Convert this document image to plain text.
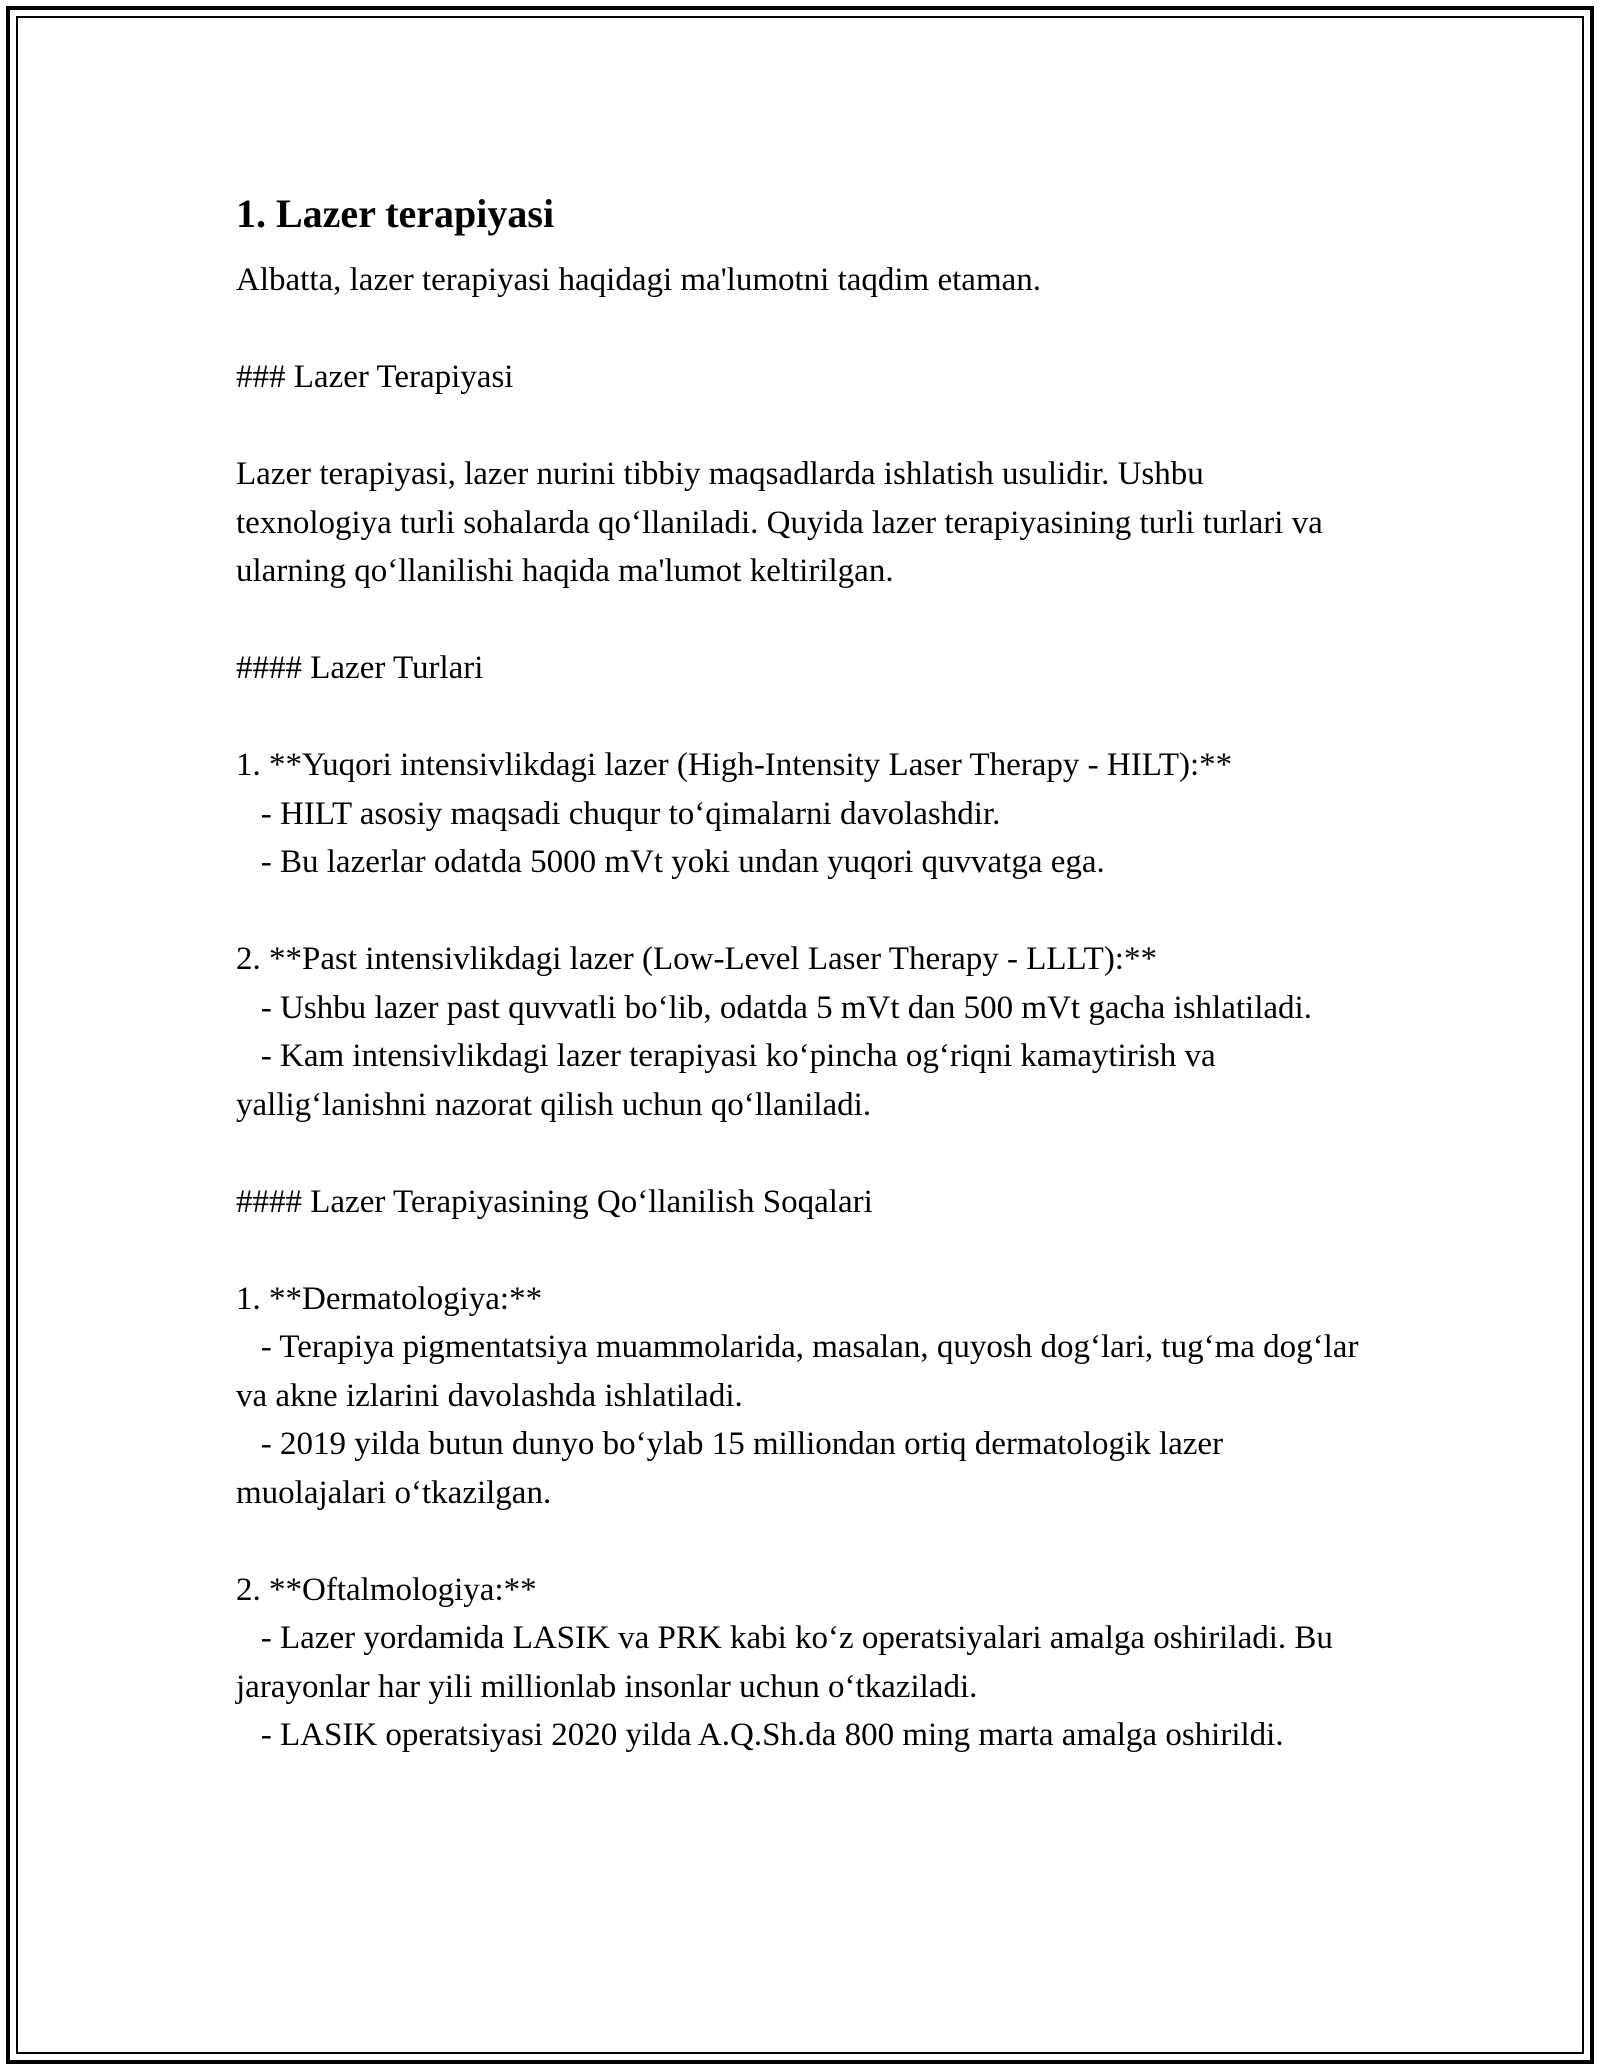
1. Lazer terapiyasi

Albatta, lazer terapiyasi haqidagi ma'lumotni taqdim etaman.

### Lazer Terapiyasi

Lazer terapiyasi, lazer nurini tibbiy maqsadlarda ishlatish usulidir. Ushbu texnologiya turli sohalarda qo‘llaniladi. Quyida lazer terapiyasining turli turlari va ularning qo‘llanilishi haqida ma'lumot keltirilgan.

#### Lazer Turlari

1. **Yuqori intensivlikdagi lazer (High-Intensity Laser Therapy - HILT):**

- HILT asosiy maqsadi chuqur to‘qimalarni davolashdir.

- Bu lazerlar odatda 5000 mVt yoki undan yuqori quvvatga ega.

2. **Past intensivlikdagi lazer (Low-Level Laser Therapy - LLLT):**

- Ushbu lazer past quvvatli bo‘lib, odatda 5 mVt dan 500 mVt gacha ishlatiladi.

- Kam intensivlikdagi lazer terapiyasi ko‘pincha og‘riqni kamaytirish va yallig‘lanishni nazorat qilish uchun qo‘llaniladi.

#### Lazer Terapiyasining Qo‘llanilish Soqalari

1. **Dermatologiya:**

- Terapiya pigmentatsiya muammolarida, masalan, quyosh dog‘lari, tug‘ma dog‘lar va akne izlarini davolashda ishlatiladi.

- 2019 yilda butun dunyo bo‘ylab 15 milliondan ortiq dermatologik lazer muolajalari o‘tkazilgan.

2. **Oftalmologiya:**

- Lazer yordamida LASIK va PRK kabi ko‘z operatsiyalari amalga oshiriladi. Bu jarayonlar har yili millionlab insonlar uchun o‘tkaziladi.

- LASIK operatsiyasi 2020 yilda A.Q.Sh.da 800 ming marta amalga oshirildi.
